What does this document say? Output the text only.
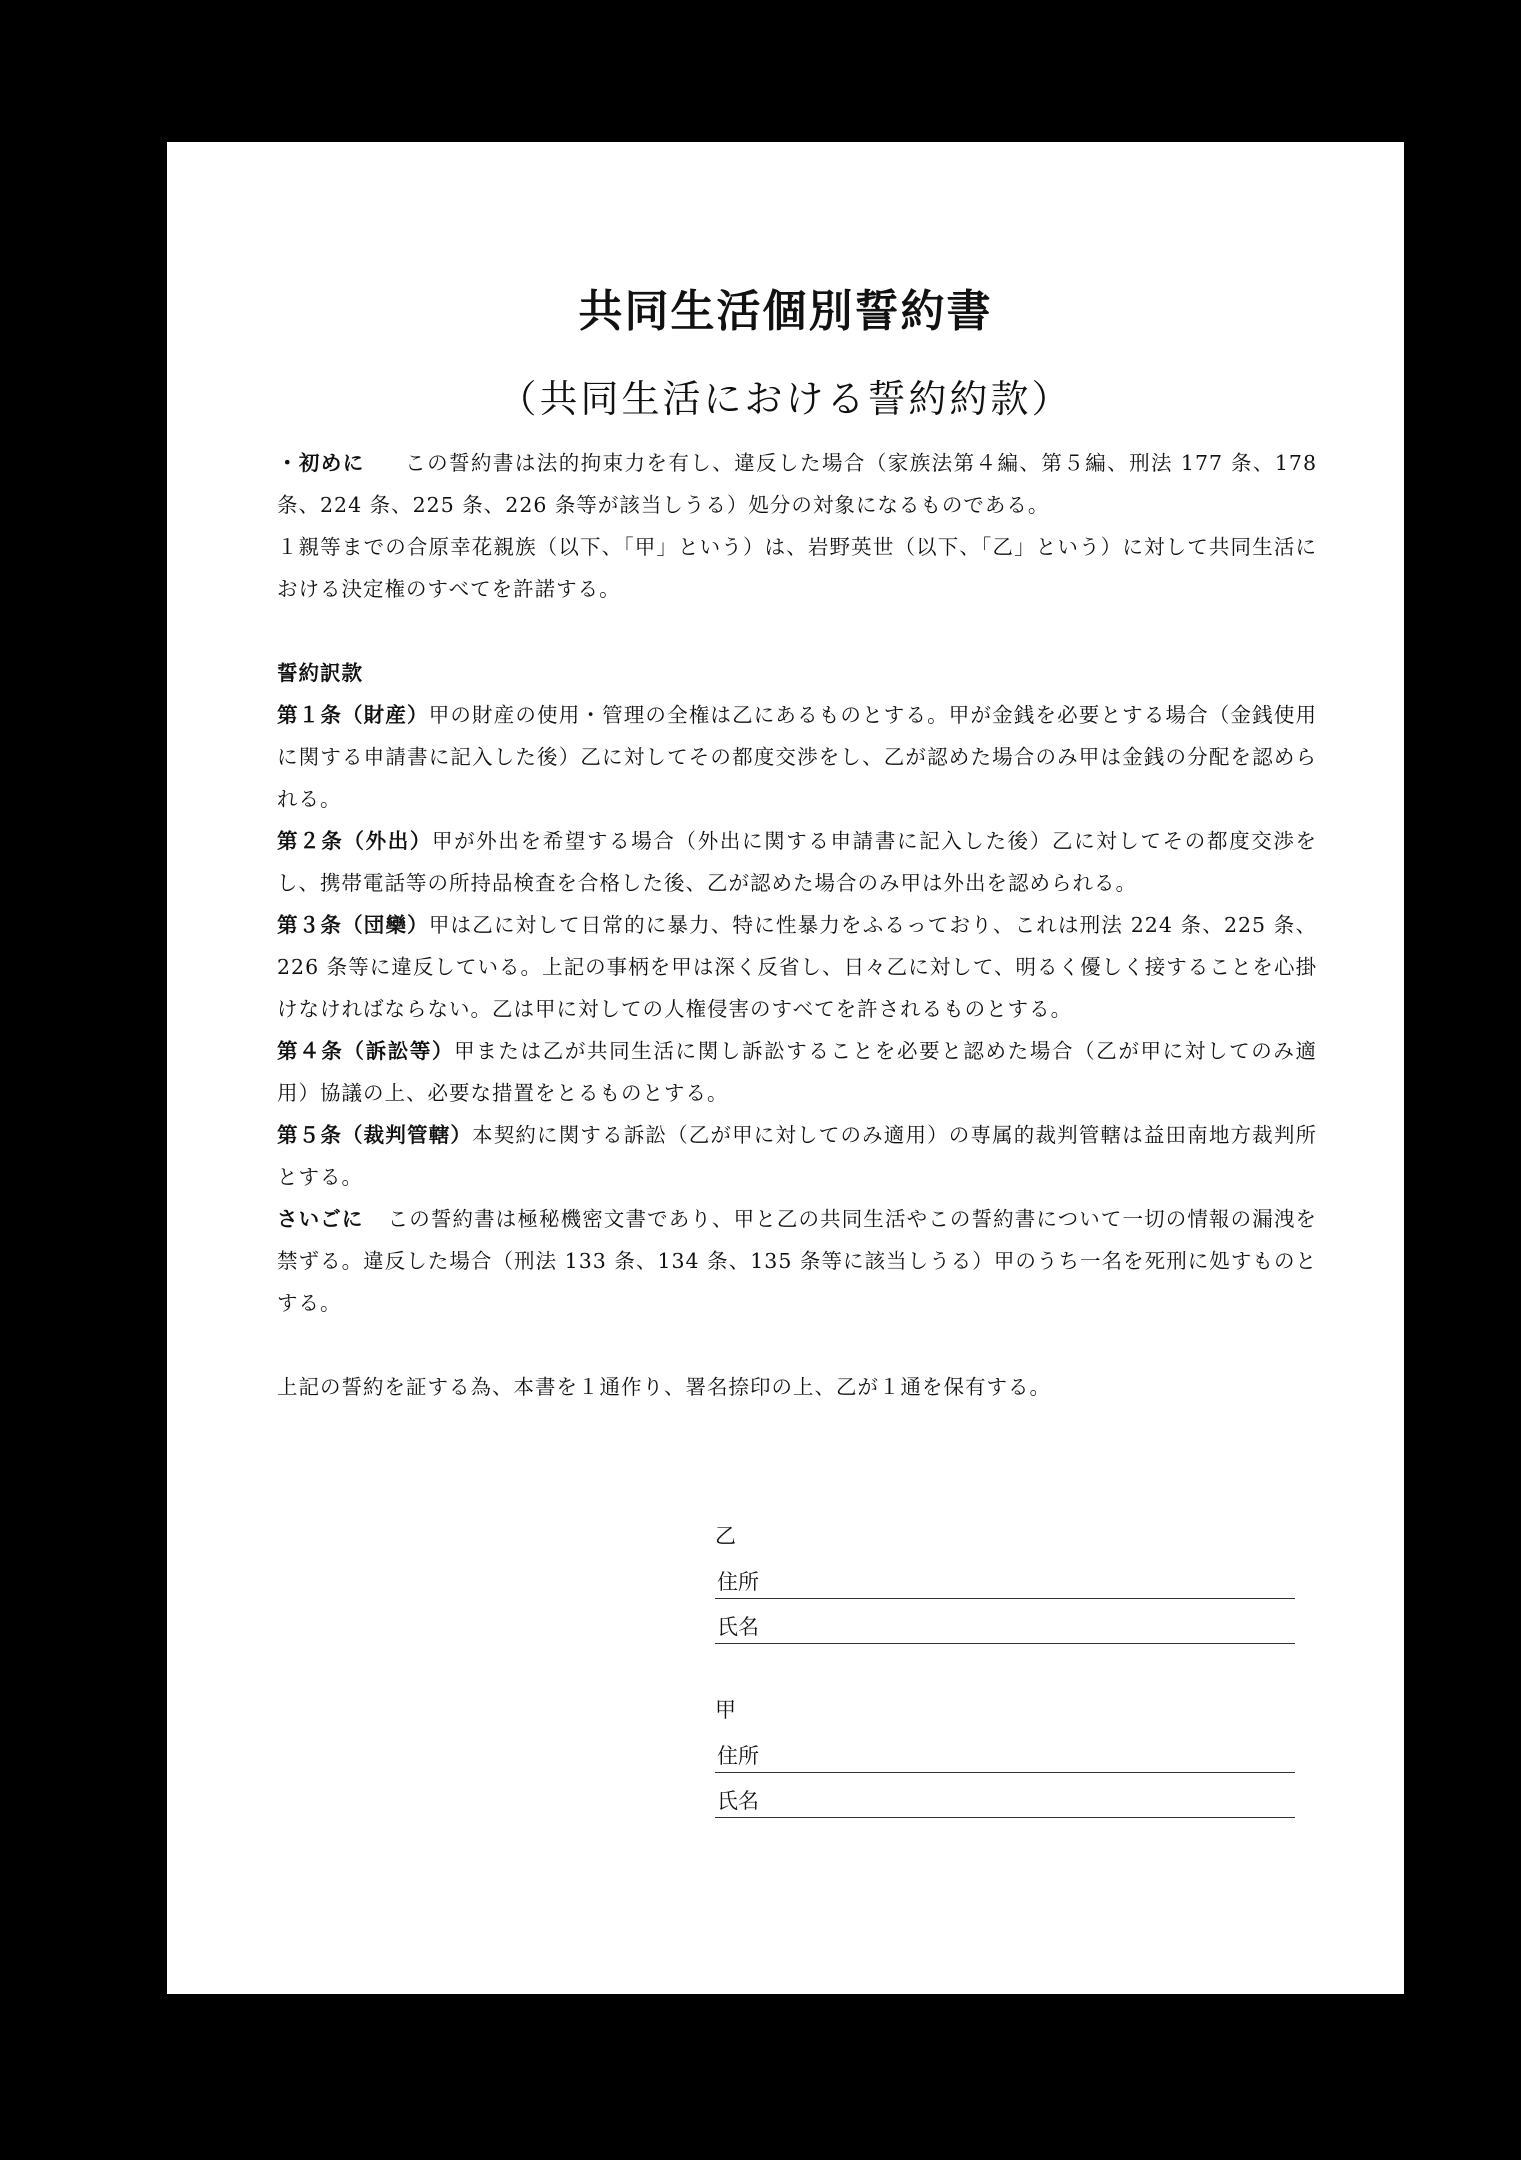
共同生活個別誓約書
（共同生活における誓約約款）

・初めに この誓約書は法的拘束力を有し、違反した場合（家族法第４編、第５編、刑法 177 条、178 条、224 条、225 条、226 条等が該当しうる）処分の対象になるものである。

１親等までの合原幸花親族（以下、「甲」という）は、岩野英世（以下、「乙」という）に対して共同生活における決定権のすべてを許諾する。

誓約訳款

第１条（財産）甲の財産の使用・管理の全権は乙にあるものとする。甲が金銭を必要とする場合（金銭使用に関する申請書に記入した後）乙に対してその都度交渉をし、乙が認めた場合のみ甲は金銭の分配を認められる。

第２条（外出）甲が外出を希望する場合（外出に関する申請書に記入した後）乙に対してその都度交渉をし、携帯電話等の所持品検査を合格した後、乙が認めた場合のみ甲は外出を認められる。

第３条（団欒）甲は乙に対して日常的に暴力、特に性暴力をふるっており、これは刑法 224 条、225 条、226 条等に違反している。上記の事柄を甲は深く反省し、日々乙に対して、明るく優しく接することを心掛けなければならない。乙は甲に対しての人権侵害のすべてを許されるものとする。

第４条（訴訟等）甲または乙が共同生活に関し訴訟することを必要と認めた場合（乙が甲に対してのみ適用）協議の上、必要な措置をとるものとする。

第５条（裁判管轄）本契約に関する訴訟（乙が甲に対してのみ適用）の専属的裁判管轄は益田南地方裁判所とする。

さいごに この誓約書は極秘機密文書であり、甲と乙の共同生活やこの誓約書について一切の情報の漏洩を禁ずる。違反した場合（刑法 133 条、134 条、135 条等に該当しうる）甲のうち一名を死刑に処すものとする。

上記の誓約を証する為、本書を１通作り、署名捺印の上、乙が１通を保有する。

乙
住所
氏名
甲
住所
氏名
